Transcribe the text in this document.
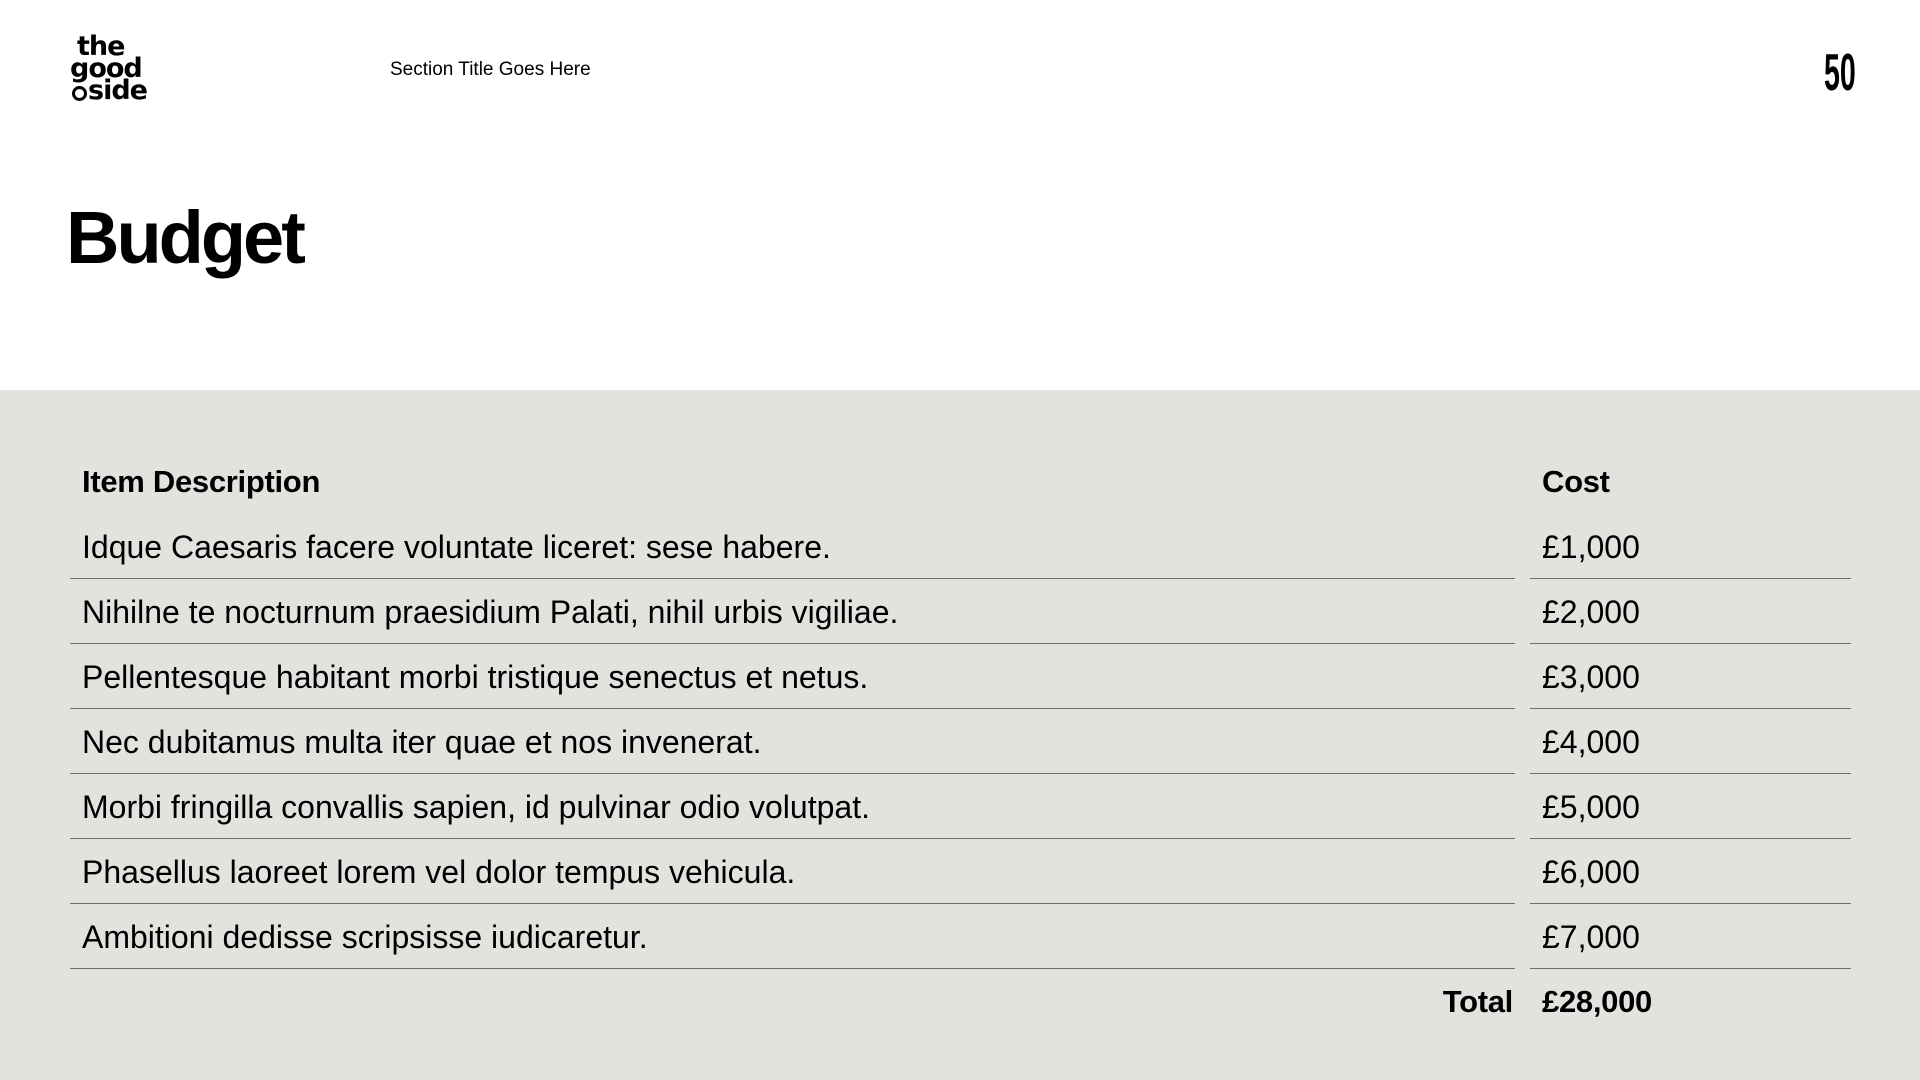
the
good
side
Section Title Goes Here	50
Budget
Item Description	Cost
Idque Caesaris facere voluntate liceret: sese habere.	£1,000
Nihilne te nocturnum praesidium Palati, nihil urbis vigiliae.	£2,000
Pellentesque habitant morbi tristique senectus et netus.	£3,000
Nec dubitamus multa iter quae et nos invenerat.	£4,000
Morbi fringilla convallis sapien, id pulvinar odio volutpat.	£5,000
Phasellus laoreet lorem vel dolor tempus vehicula.	£6,000
Ambitioni dedisse scripsisse iudicaretur.	£7,000
Total £28,000
